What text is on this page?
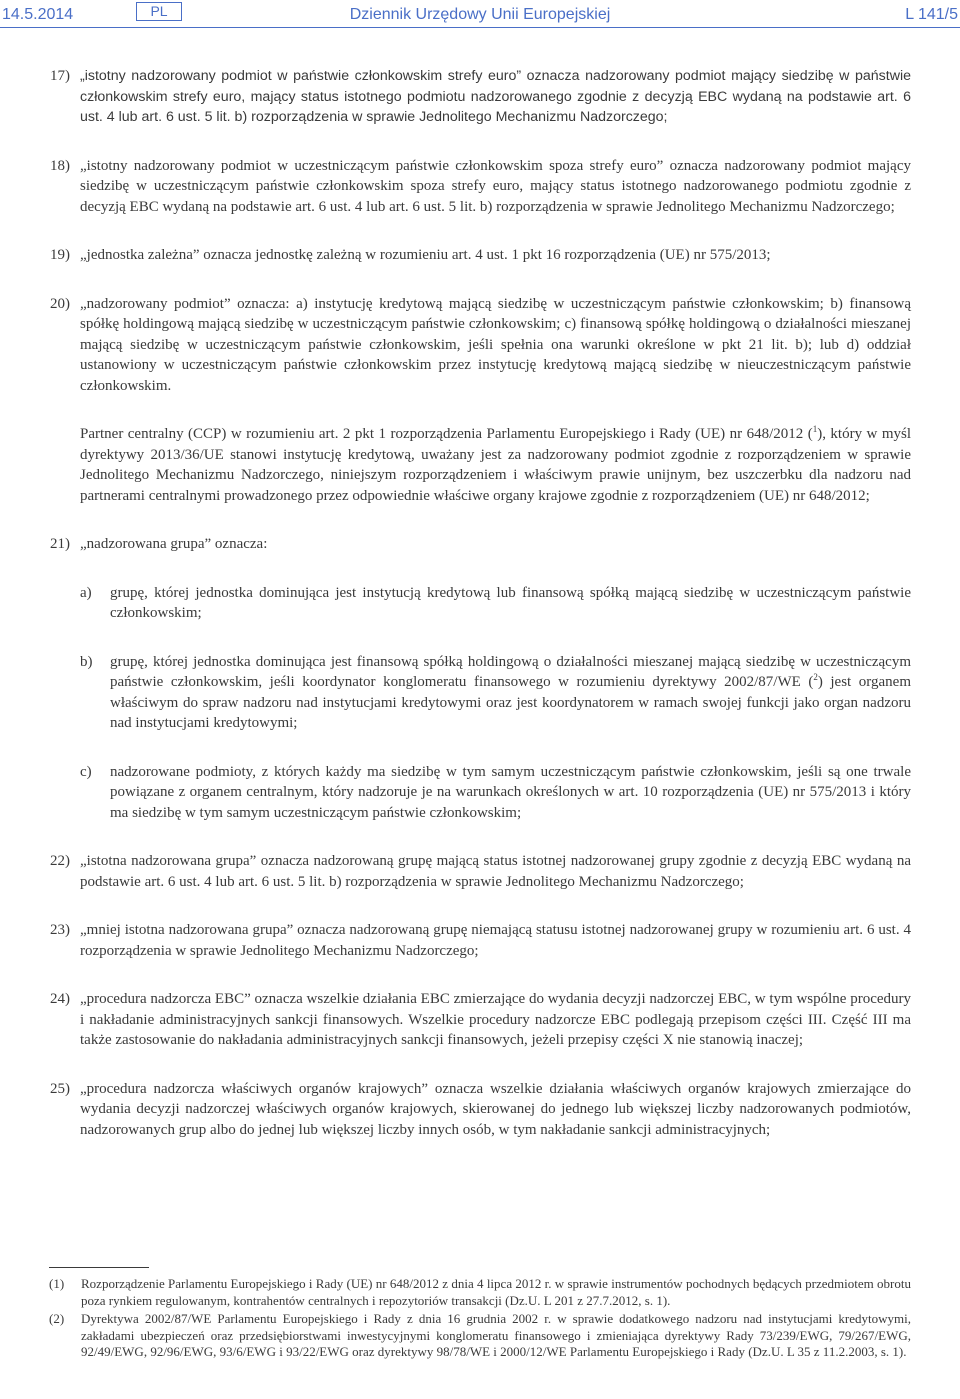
14.5.2014	PL	Dziennik Urzędowy Unii Europejskiej	L 141/5
17) „istotny nadzorowany podmiot w państwie członkowskim strefy euro” oznacza nadzorowany podmiot mający siedzibę w państwie członkowskim strefy euro, mający status istotnego podmiotu nadzorowanego zgodnie z decyzją EBC wydaną na podstawie art. 6 ust. 4 lub art. 6 ust. 5 lit. b) rozporządzenia w sprawie Jednolitego Mechanizmu Nadzorczego;
18) „istotny nadzorowany podmiot w uczestniczącym państwie członkowskim spoza strefy euro” oznacza nadzorowany podmiot mający siedzibę w uczestniczącym państwie członkowskim spoza strefy euro, mający status istotnego nadzorowanego podmiotu zgodnie z decyzją EBC wydaną na podstawie art. 6 ust. 4 lub art. 6 ust. 5 lit. b) rozporządzenia w sprawie Jednolitego Mechanizmu Nadzorczego;
19) „jednostka zależna” oznacza jednostkę zależną w rozumieniu art. 4 ust. 1 pkt 16 rozporządzenia (UE) nr 575/2013;
20) „nadzorowany podmiot” oznacza: a) instytucję kredytową mającą siedzibę w uczestniczącym państwie członkowskim; b) finansową spółkę holdingową mającą siedzibę w uczestniczącym państwie członkowskim; c) finansową spółkę holdingową o działalności mieszanej mającą siedzibę w uczestniczącym państwie członkowskim, jeśli spełnia ona warunki określone w pkt 21 lit. b); lub d) oddział ustanowiony w uczestniczącym państwie członkowskim przez instytucję kredytową mającą siedzibę w nieuczestniczącym państwie członkowskim.
Partner centralny (CCP) w rozumieniu art. 2 pkt 1 rozporządzenia Parlamentu Europejskiego i Rady (UE) nr 648/2012 ($^1$), który w myśl dyrektywy 2013/36/UE stanowi instytucję kredytową, uważany jest za nadzorowany podmiot zgodnie z rozporządzeniem w sprawie Jednolitego Mechanizmu Nadzorczego, niniejszym rozporządzeniem i właściwym prawie unijnym, bez uszczerbku dla nadzoru nad partnerami centralnymi prowadzonego przez odpowiednie właściwe organy krajowe zgodnie z rozporządzeniem (UE) nr 648/2012;
21) „nadzorowana grupa” oznacza:
a) grupę, której jednostka dominująca jest instytucją kredytową lub finansową spółką mającą siedzibę w uczestniczącym państwie członkowskim;
b) grupę, której jednostka dominująca jest finansową spółką holdingową o działalności mieszanej mającą siedzibę w uczestniczącym państwie członkowskim, jeśli koordynator konglomeratu finansowego w rozumieniu dyrektywy 2002/87/WE ($^2$) jest organem właściwym do spraw nadzoru nad instytucjami kredytowymi oraz jest koordynatorem w ramach swojej funkcji jako organ nadzoru nad instytucjami kredytowymi;
c) nadzorowane podmioty, z których każdy ma siedzibę w tym samym uczestniczącym państwie członkowskim, jeśli są one trwale powiązane z organem centralnym, który nadzoruje je na warunkach określonych w art. 10 rozporządzenia (UE) nr 575/2013 i który ma siedzibę w tym samym uczestniczącym państwie członkowskim;
22) „istotna nadzorowana grupa” oznacza nadzorowaną grupę mającą status istotnej nadzorowanej grupy zgodnie z decyzją EBC wydaną na podstawie art. 6 ust. 4 lub art. 6 ust. 5 lit. b) rozporządzenia w sprawie Jednolitego Mechanizmu Nadzorczego;
23) „mniej istotna nadzorowana grupa” oznacza nadzorowaną grupę niemającą statusu istotnej nadzorowanej grupy w rozumieniu art. 6 ust. 4 rozporządzenia w sprawie Jednolitego Mechanizmu Nadzorczego;
24) „procedura nadzorcza EBC” oznacza wszelkie działania EBC zmierzające do wydania decyzji nadzorczej EBC, w tym wspólne procedury i nakładanie administracyjnych sankcji finansowych. Wszelkie procedury nadzorcze EBC podlegają przepisom części III. Część III ma także zastosowanie do nakładania administracyjnych sankcji finansowych, jeżeli przepisy części X nie stanowią inaczej;
25) „procedura nadzorcza właściwych organów krajowych” oznacza wszelkie działania właściwych organów krajowych zmierzające do wydania decyzji nadzorczej właściwych organów krajowych, skierowanej do jednego lub większej liczby nadzorowanych podmiotów, nadzorowanych grup albo do jednej lub większej liczby innych osób, w tym nakładanie sankcji administracyjnych;
(1) Rozporządzenie Parlamentu Europejskiego i Rady (UE) nr 648/2012 z dnia 4 lipca 2012 r. w sprawie instrumentów pochodnych będących przedmiotem obrotu poza rynkiem regulowanym, kontrahentów centralnych i repozytoriów transakcji (Dz.U. L 201 z 27.7.2012, s. 1).
(2) Dyrektywa 2002/87/WE Parlamentu Europejskiego i Rady z dnia 16 grudnia 2002 r. w sprawie dodatkowego nadzoru nad instytucjami kredytowymi, zakładami ubezpieczeń oraz przedsiębiorstwami inwestycyjnymi konglomeratu finansowego i zmieniająca dyrektywy Rady 73/239/EWG, 79/267/EWG, 92/49/EWG, 92/96/EWG, 93/6/EWG i 93/22/EWG oraz dyrektywy 98/78/WE i 2000/12/WE Parlamentu Europejskiego i Rady (Dz.U. L 35 z 11.2.2003, s. 1).
